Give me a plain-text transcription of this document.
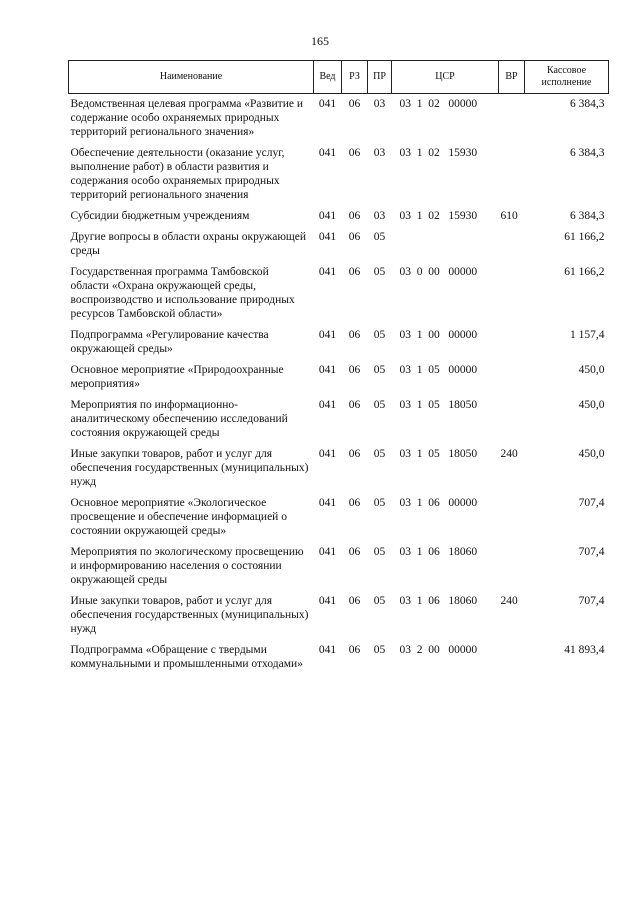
165
Наименование	Вед	РЗ	ПР	ЦСР	ВР	Кассовое исполнение
Ведомственная целевая программа «Развитие и содержание особо охраняемых природных территорий регионального значения»	041	06	03	03  1  02   00000		6 384,3
Обеспечение деятельности (оказание услуг, выполнение работ) в области развития и содержания особо охраняемых природных территорий регионального значения	041	06	03	03  1  02   15930		6 384,3
Субсидии бюджетным учреждениям	041	06	03	03  1  02   15930	610	6 384,3
Другие вопросы в области охраны окружающей среды	041	06	05			61 166,2
Государственная программа Тамбовской области «Охрана окружающей среды, воспроизводство и использование природных ресурсов Тамбовской области»	041	06	05	03  0  00   00000		61 166,2
Подпрограмма «Регулирование качества окружающей среды»	041	06	05	03  1  00   00000		1 157,4
Основное мероприятие «Природоохранные мероприятия»	041	06	05	03  1  05   00000		450,0
Мероприятия по информационно-аналитическому обеспечению исследований состояния окружающей среды	041	06	05	03  1  05   18050		450,0
Иные закупки товаров, работ и услуг для обеспечения государственных (муниципальных) нужд	041	06	05	03  1  05   18050	240	450,0
Основное мероприятие «Экологическое просвещение и обеспечение информацией о состоянии окружающей среды»	041	06	05	03  1  06   00000		707,4
Мероприятия по экологическому просвещению и информированию населения о состоянии окружающей среды	041	06	05	03  1  06   18060		707,4
Иные закупки товаров, работ и услуг для обеспечения государственных (муниципальных) нужд	041	06	05	03  1  06   18060	240	707,4
Подпрограмма «Обращение с твердыми коммунальными и промышленными отходами»	041	06	05	03  2  00   00000		41 893,4
